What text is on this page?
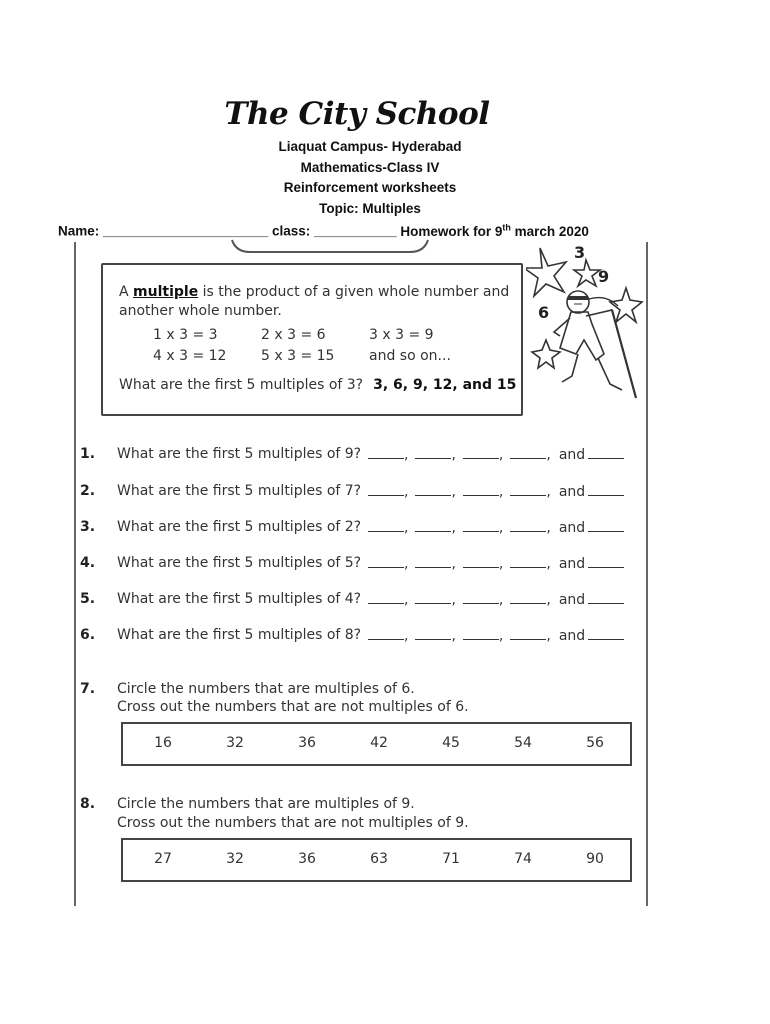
The City School
Liaquat Campus- Hyderabad
Mathematics-Class IV
Reinforcement worksheets
Topic: Multiples
Name: ______________________ class: ___________ Homework for 9th march 2020
A multiple is the product of a given whole number and another whole number.
1 x 3 = 3	2 x 3 = 6	3 x 3 = 9
4 x 3 = 12 5 x 3 = 15 and so on...
What are the first 5 multiples of 3? 3, 6, 9, 12, and 15
3
9
6
1. What are the first 5 multiples of 9?	,	,	,	, and
2. What are the first 5 multiples of 7?	,	,	,	, and
3. What are the first 5 multiples of 2?	,	,	,	, and
4. What are the first 5 multiples of 5?	,	,	,	, and
5. What are the first 5 multiples of 4?	,	,	,	, and
6. What are the first 5 multiples of 8?	,	,	,	, and
7. Circle the numbers that are multiples of 6.
Cross out the numbers that are not multiples of 6.
16	32	36	42	45	54	56
8. Circle the numbers that are multiples of 9.
Cross out the numbers that are not multiples of 9.
27	32	36	63	71	74	90
